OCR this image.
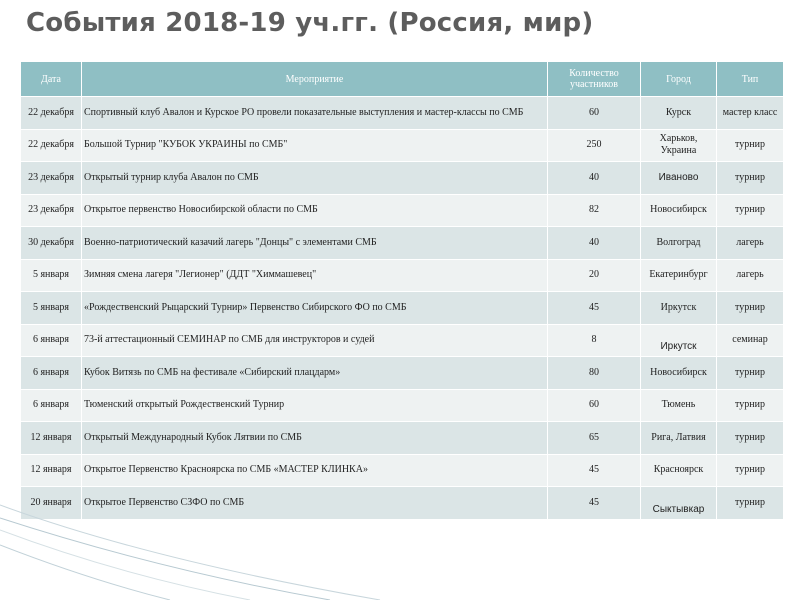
События 2018-19 уч.гг. (Россия, мир)
Дата	Мероприятие	Количество участников	Город	Тип
22 декабря	Спортивный клуб Авалон и Курское РО провели показательные выступления и мастер-классы по СМБ	60	Курск	мастер класс
22 декабря	Большой Турнир "КУБОК УКРАИНЫ по СМБ"	250	Харьков, Украина	турнир
23 декабря	Открытый турнир клуба Авалон по СМБ	40	Иваново	турнир
23 декабря	Открытое первенство Новосибирской области по СМБ	82	Новосибирск	турнир
30 декабря	Военно-патриотический казачий лагерь "Донцы" с элементами СМБ	40	Волгоград	лагерь
5 января	Зимняя смена лагеря "Легионер" (ДДТ "Химмашевец"	20	Екатеринбург	лагерь
5 января	«Рождественский Рыцарский Турнир» Первенство Сибирского ФО по СМБ	45	Иркутск	турнир
6 января	73-й аттестационный СЕМИНАР по СМБ для инструкторов и судей	8	Иркутск	семинар
6 января	Кубок Витязь по СМБ на фестивале «Сибирский плацдарм»	80	Новосибирск	турнир
6 января	Тюменский открытый Рождественский Турнир	60	Тюмень	турнир
12 января	Открытый Международный Кубок Лятвии по СМБ	65	Рига, Латвия	турнир
12 января	Открытое Первенство Красноярска по СМБ «МАСТЕР КЛИНКА»	45	Красноярск	турнир
20 января	Открытое Первенство СЗФО по СМБ	45	Сыктывкар	турнир
